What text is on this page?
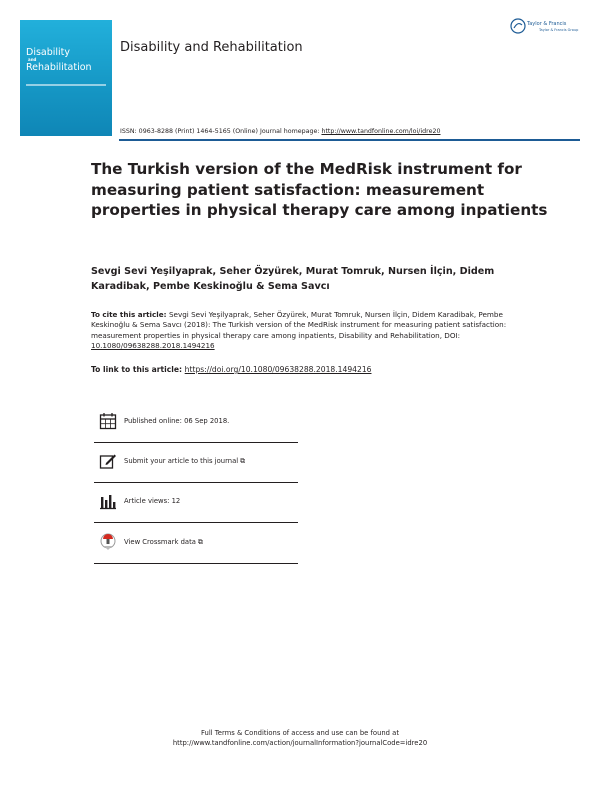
Disability
and
Rehabilitation
Disability and Rehabilitation
Taylor & Francis
Taylor & Francis Group
ISSN: 0963-8288 (Print) 1464-5165 (Online) Journal homepage: http://www.tandfonline.com/loi/idre20
The Turkish version of the MedRisk instrument for measuring patient satisfaction: measurement properties in physical therapy care among inpatients

Sevgi Sevi Yeşilyaprak, Seher Özyürek, Murat Tomruk, Nursen İlçin, Didem Karadibak, Pembe Keskinoğlu & Sema Savcı

To cite this article: Sevgi Sevi Yeşilyaprak, Seher Özyürek, Murat Tomruk, Nursen İlçin, Didem Karadibak, Pembe Keskinoğlu & Sema Savcı (2018): The Turkish version of the MedRisk instrument for measuring patient satisfaction: measurement properties in physical therapy care among inpatients, Disability and Rehabilitation, DOI: 10.1080/09638288.2018.1494216

To link to this article: https://doi.org/10.1080/09638288.2018.1494216

Published online: 06 Sep 2018.
Submit your article to this journal ⧉
Article views: 12
View Crossmark data ⧉
Full Terms & Conditions of access and use can be found at
http://www.tandfonline.com/action/journalInformation?journalCode=idre20
